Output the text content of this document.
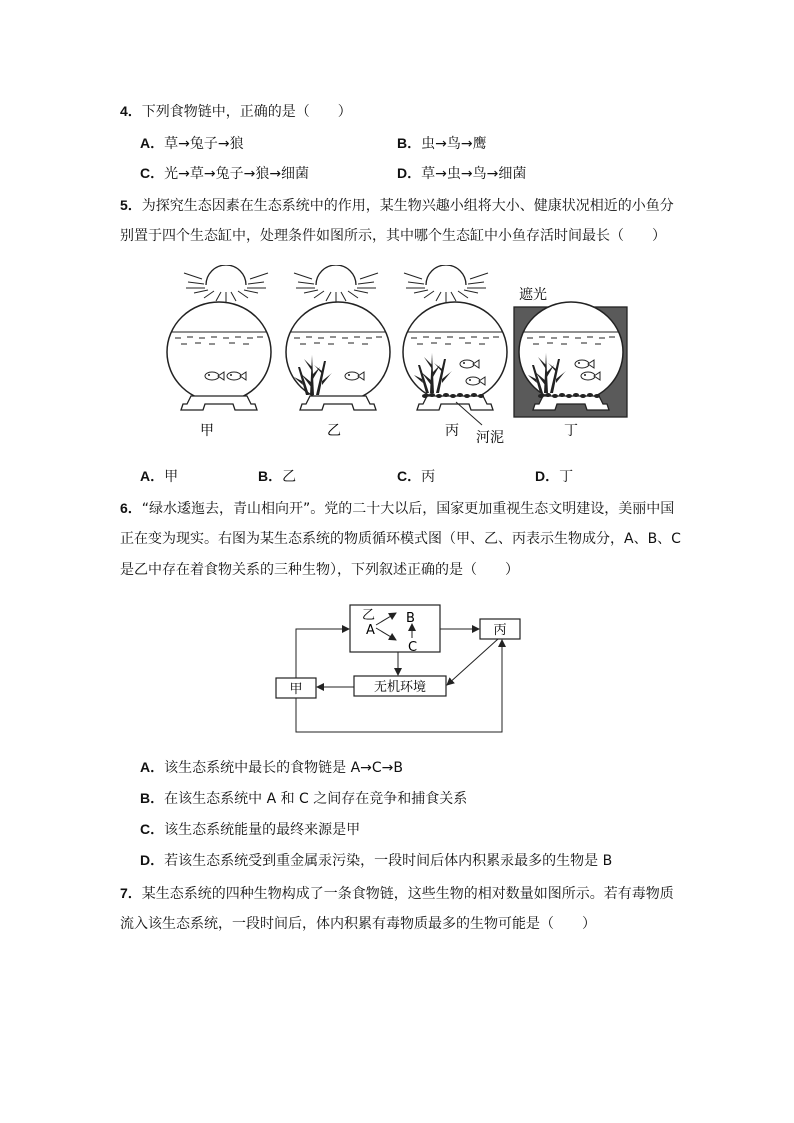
4．下列食物链中，正确的是（　　）
A．草→兔子→狼	B．虫→鸟→鹰
C．光→草→兔子→狼→细菌	D．草→虫→鸟→细菌
5．为探究生态因素在生态系统中的作用，某生物兴趣小组将大小、健康状况相近的小鱼分
别置于四个生态缸中，处理条件如图所示，其中哪个生态缸中小鱼存活时间最长（　　）
遮光
甲	乙	丙	丁
河泥
A．甲	B．乙	C．丙	D．丁
6．“绿水逶迤去，青山相向开”。党的二十大以后，国家更加重视生态文明建设，美丽中国
正在变为现实。右图为某生态系统的物质循环模式图（甲、乙、丙表示生物成分，A、B、C
是乙中存在着食物关系的三种生物），下列叙述正确的是（　　）
乙
A
B
C
丙
无机环境
甲
A．该生态系统中最长的食物链是 A→C→B
B．在该生态系统中 A 和 C 之间存在竞争和捕食关系
C．该生态系统能量的最终来源是甲
D．若该生态系统受到重金属汞污染，一段时间后体内积累汞最多的生物是 B
7．某生态系统的四种生物构成了一条食物链，这些生物的相对数量如图所示。若有毒物质
流入该生态系统，一段时间后，体内积累有毒物质最多的生物可能是（　　）
